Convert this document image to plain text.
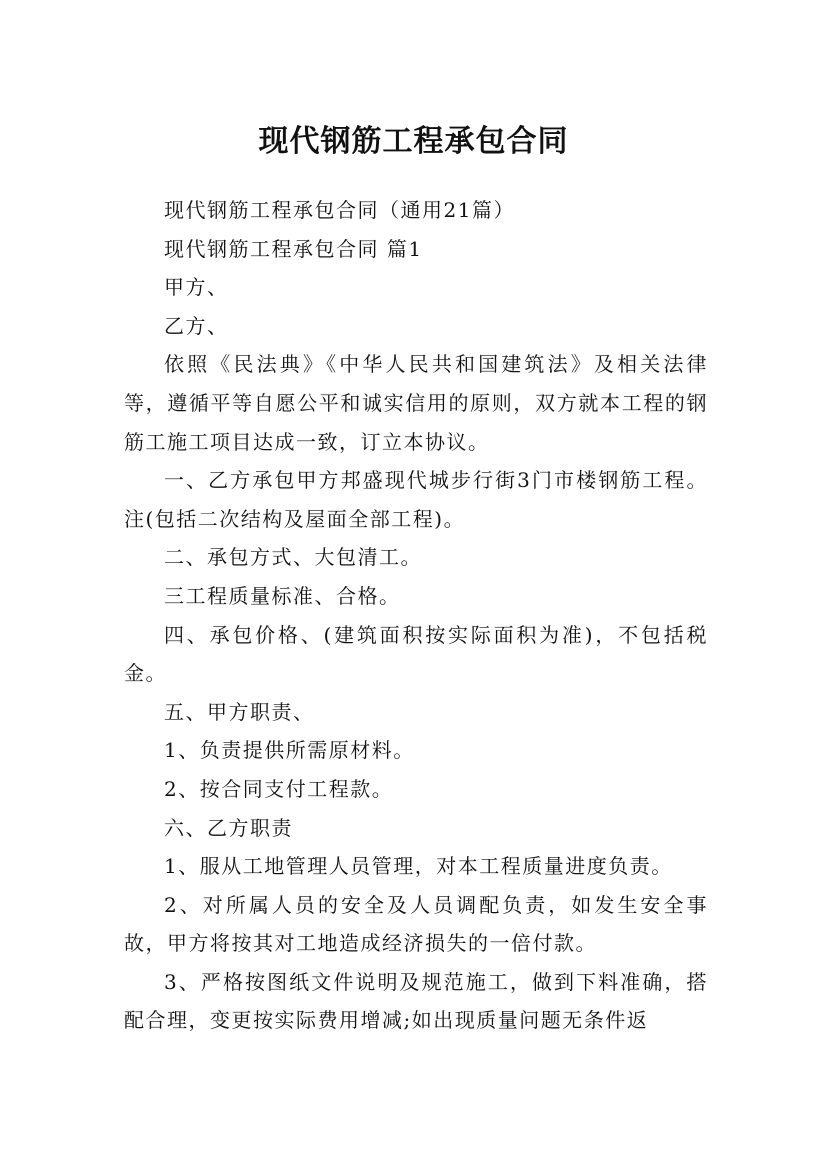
现代钢筋工程承包合同

现代钢筋工程承包合同（通用21篇）

现代钢筋工程承包合同 篇1

甲方、

乙方、

依照《民法典》《中华人民共和国建筑法》及相关法律等，遵循平等自愿公平和诚实信用的原则，双方就本工程的钢筋工施工项目达成一致，订立本协议。

一、乙方承包甲方邦盛现代城步行街3门市楼钢筋工程。注(包括二次结构及屋面全部工程)。

二、承包方式、大包清工。

三工程质量标准、合格。

四、承包价格、(建筑面积按实际面积为准)，不包括税金。

五、甲方职责、

1、负责提供所需原材料。

2、按合同支付工程款。

六、乙方职责

1、服从工地管理人员管理，对本工程质量进度负责。

2、对所属人员的安全及人员调配负责，如发生安全事故，甲方将按其对工地造成经济损失的一倍付款。

3、严格按图纸文件说明及规范施工，做到下料准确，搭配合理，变更按实际费用增减;如出现质量问题无条件返
